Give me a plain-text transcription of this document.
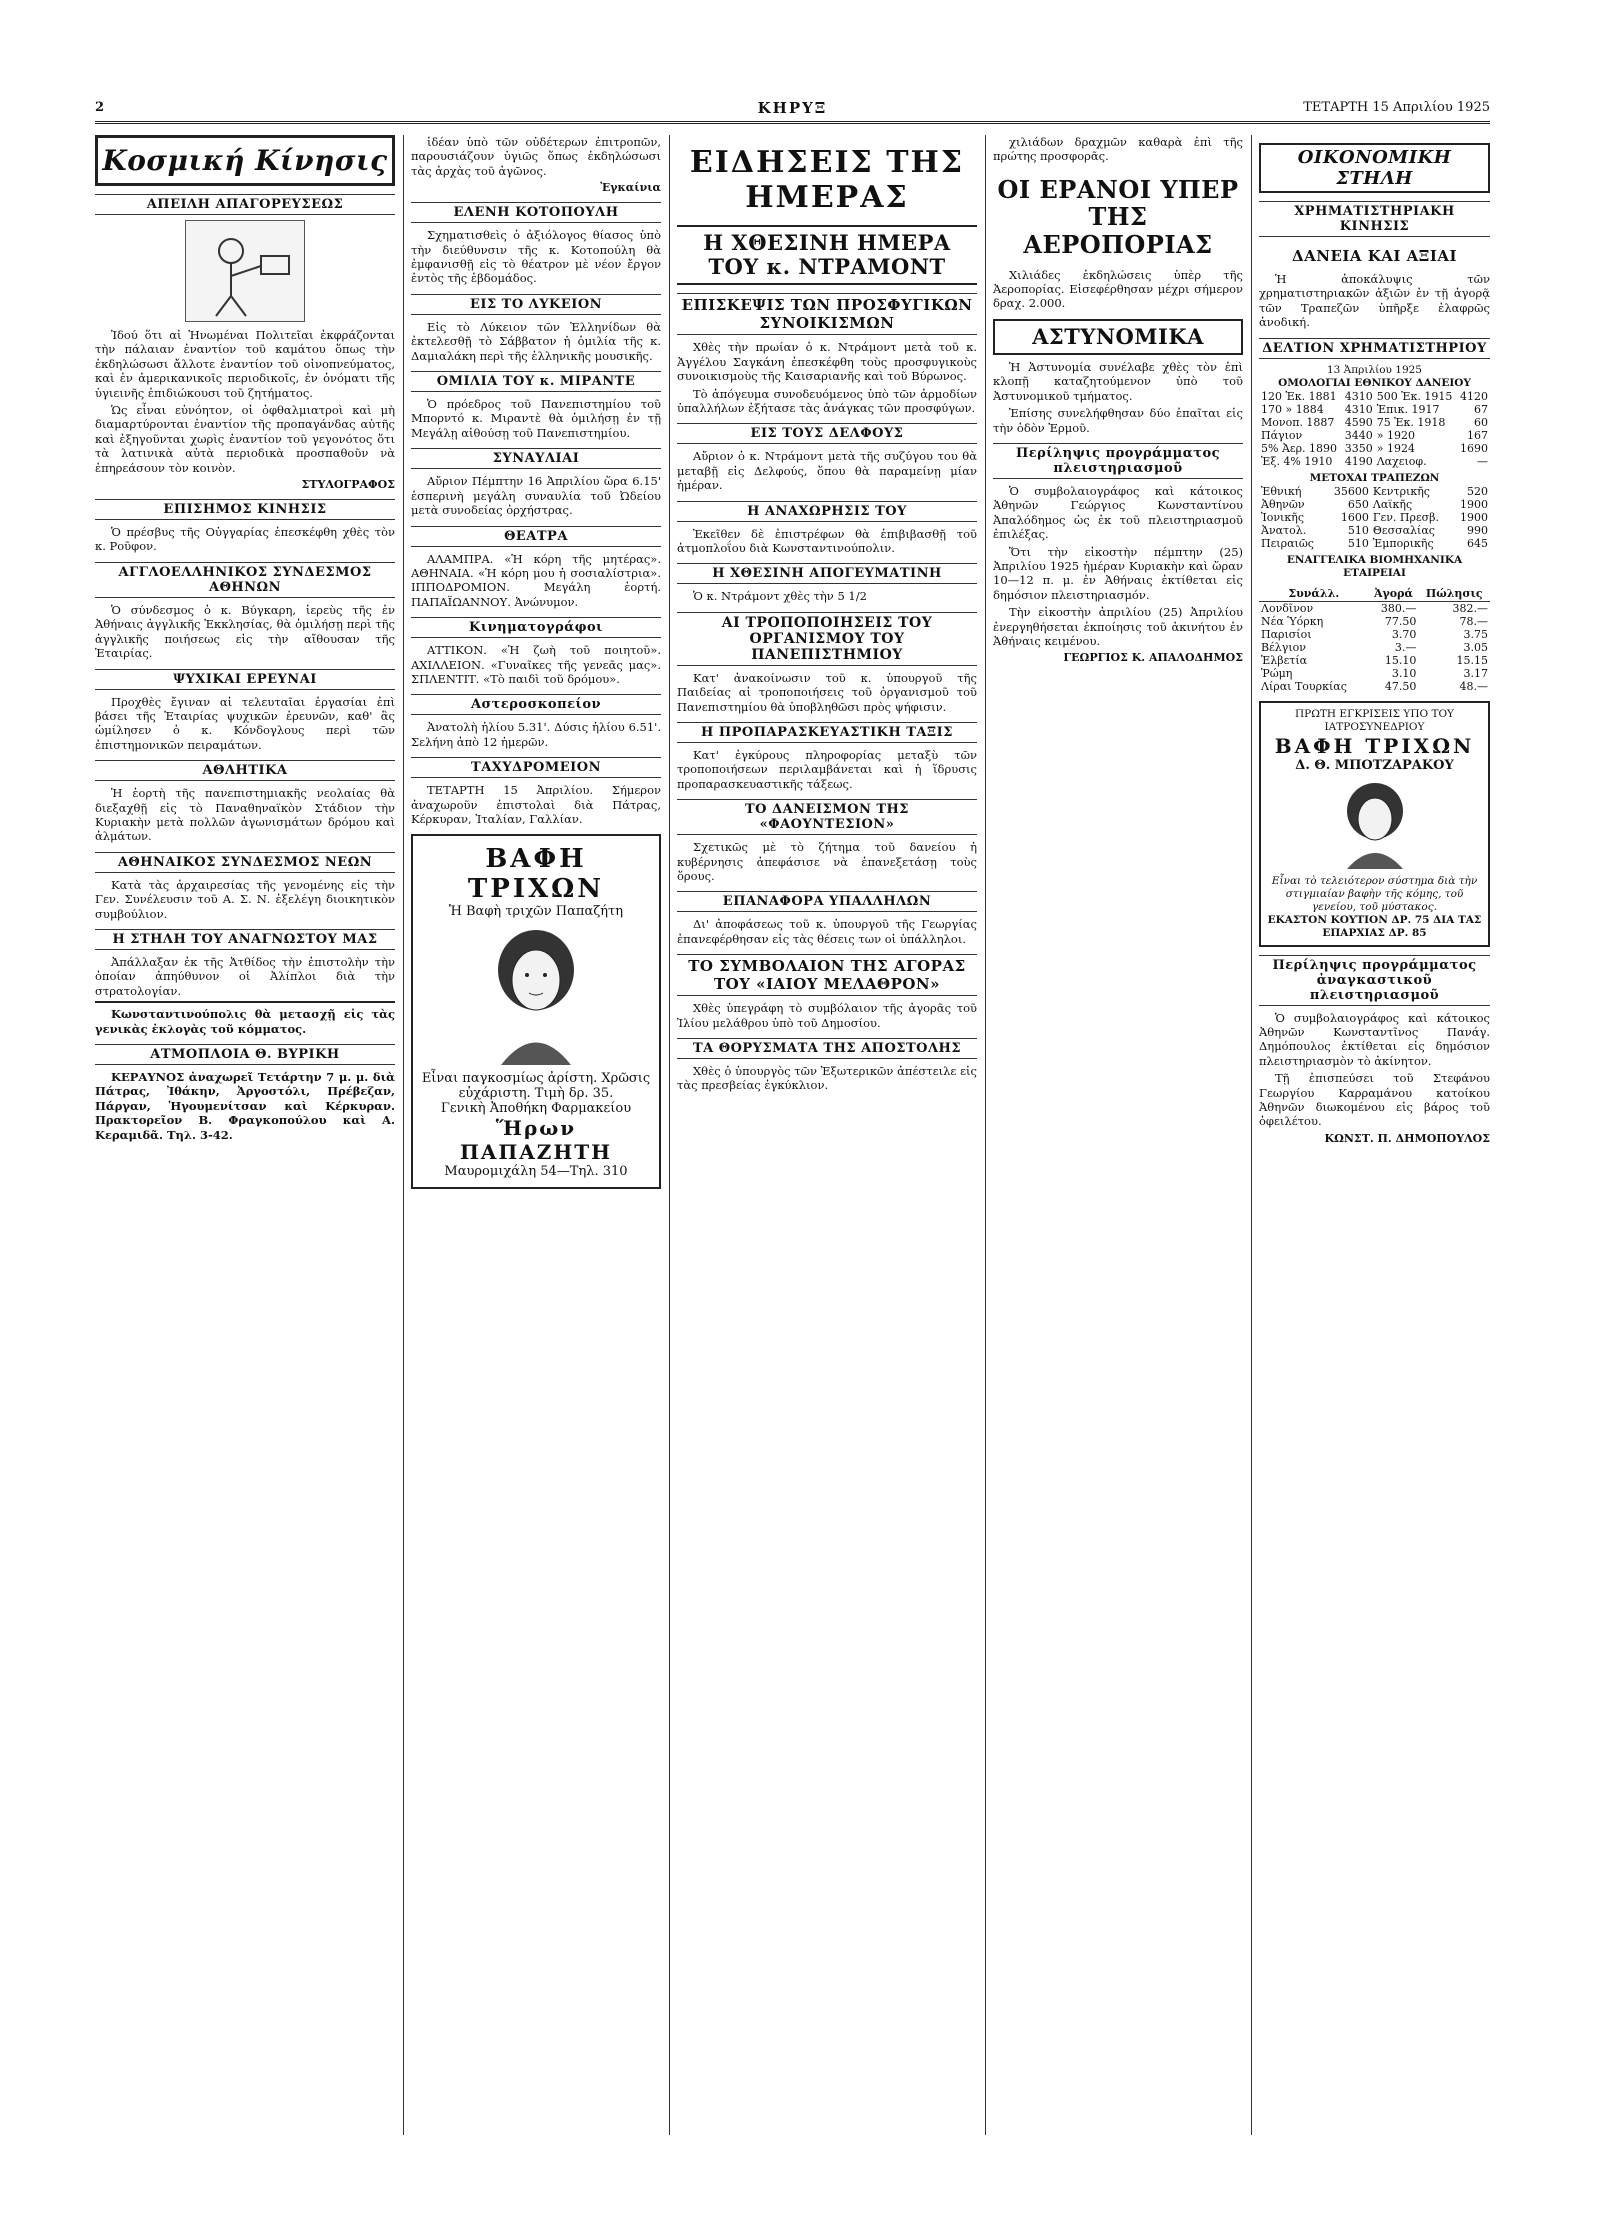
2	ΚΗΡΥΞ	ΤΕΤΑΡΤΗ 15 Απριλίου 1925
Κοσμική Κίνησις
ΑΠΕΙΛΗ ΑΠΑΓΟΡΕΥΣΕΩΣ

Ἰδού ὅτι αἱ Ἡνωμέναι Πολιτεῖαι ἐκφράζονται τὴν πάλαιαν ἐναντίον τοῦ καμάτου ὅπως τὴν ἐκδηλώσωσι ἄλλοτε ἐναντίον τοῦ οἰνοπνεύματος, καὶ ἐν ἀμερικανικοῖς περιοδικοῖς, ἐν ὀνόματι τῆς ὑγιεινῆς ἐπιδιώκουσι τοῦ ζητήματος.

Ὡς εἶναι εὐνόητον, οἱ ὀφθαλμιατροὶ καὶ μὴ διαμαρτύρονται ἐναντίον τῆς προπαγάνδας αὐτῆς καὶ ἐξηγοῦνται χωρὶς ἐναντίον τοῦ γεγονότος ὅτι τὰ λατινικὰ αὐτὰ περιοδικὰ προσπαθοῦν νὰ ἐπηρεάσουν τὸν κοινὸν.

ΣΤΥΛΟΓΡΑΦΟΣ
ΕΠΙΣΗΜΟΣ ΚΙΝΗΣΙΣ

Ὁ πρέσβυς τῆς Οὐγγαρίας ἐπεσκέφθη χθὲς τὸν κ. Ροῦφον.

ΑΓΓΛΟΕΛΛΗΝΙΚΟΣ ΣΥΝΔΕΣΜΟΣ ΑΘΗΝΩΝ

Ὁ σύνδεσμος ὁ κ. Βύγκαρη, ἱερεὺς τῆς ἐν Ἀθήναις ἀγγλικῆς Ἐκκλησίας, θὰ ὁμιλήσῃ περὶ τῆς ἀγγλικῆς ποιήσεως εἰς τὴν αἴθουσαν τῆς Ἑταιρίας.

ΨΥΧΙΚΑΙ ΕΡΕΥΝΑΙ

Προχθὲς ἔγιναν αἱ τελευταῖαι ἐργασίαι ἐπὶ βάσει τῆς Ἑταιρίας ψυχικῶν ἐρευνῶν, καθ' ἃς ὡμίλησεν ὁ κ. Κόνδογλους περὶ τῶν ἐπιστημονικῶν πειραμάτων.

ΑΘΛΗΤΙΚΑ

Ἡ ἑορτὴ τῆς πανεπιστημιακῆς νεολαίας θὰ διεξαχθῇ εἰς τὸ Παναθηναϊκὸν Στάδιον τὴν Κυριακὴν μετὰ πολλῶν ἀγωνισμάτων δρόμου καὶ ἁλμάτων.

ΑΘΗΝΑΙΚΟΣ ΣΥΝΔΕΣΜΟΣ ΝΕΩΝ

Κατὰ τὰς ἀρχαιρεσίας τῆς γενομένης εἰς τὴν Γεν. Συνέλευσιν τοῦ Α. Σ. Ν. ἐξελέγη διοικητικὸν συμβούλιον.

Η ΣΤΗΛΗ ΤΟΥ ΑΝΑΓΝΩΣΤΟΥ ΜΑΣ

Ἀπάλλαξαν ἐκ τῆς Ἀτθίδος τὴν ἐπιστολὴν τὴν ὁποίαν ἀπηύθυνον οἱ Ἀλίπλοι διὰ τὴν στρατολογίαν.

Κωνσταντινούπολις θὰ μετασχῇ εἰς τὰς γενικὰς ἐκλογὰς τοῦ κόμματος.

ΑΤΜΟΠΛΟΙΑ Θ. ΒΥΡΙΚΗ

ΚΕΡΑΥΝΟΣ ἀναχωρεῖ Τετάρτην 7 μ. μ. διὰ Πάτρας, Ἰθάκην, Ἀργοστόλι, Πρέβεζαν, Πάργαν, Ἡγουμενίτσαν καὶ Κέρκυραν. Πρακτορεῖον Β. Φραγκοπούλου καὶ Α. Κεραμιδᾶ. Τηλ. 3-42.

ἰδέαν ὑπὸ τῶν οὐδέτερων ἐπιτροπῶν, παρουσιάζουν ὑγιῶς ὅπως ἐκδηλώσωσι τὰς ἀρχὰς τοῦ ἀγῶνος.

Ἐγκαίνια
ΕΛΕΝΗ ΚΟΤΟΠΟΥΛΗ

Σχηματισθεὶς ὁ ἀξιόλογος θίασος ὑπὸ τὴν διεύθυνσιν τῆς κ. Κοτοπούλη θὰ ἐμφανισθῇ εἰς τὸ θέατρον μὲ νέον ἔργον ἐντὸς τῆς ἑβδομάδος.

ΕΙΣ ΤΟ ΛΥΚΕΙΟΝ

Εἰς τὸ Λύκειον τῶν Ἑλληνίδων θὰ ἐκτελεσθῇ τὸ Σάββατον ἡ ὁμιλία τῆς κ. Δαμιαλάκη περὶ τῆς ἑλληνικῆς μουσικῆς.

ΟΜΙΛΙΑ ΤΟΥ κ. ΜΙΡΑΝΤΕ

Ὁ πρόεδρος τοῦ Πανεπιστημίου τοῦ Μπορντό κ. Μιραντὲ θὰ ὁμιλήσῃ ἐν τῇ Μεγάλῃ αἰθούσῃ τοῦ Πανεπιστημίου.

ΣΥΝΑΥΛΙΑΙ

Αὔριον Πέμπτην 16 Ἀπριλίου ὥρα 6.15' ἑσπερινὴ μεγάλη συναυλία τοῦ Ὠδείου μετὰ συνοδείας ὀρχήστρας.

ΘΕΑΤΡΑ

ΑΛΑΜΠΡΑ. «Ἡ κόρη τῆς μητέρας». ΑΘΗΝΑΙΑ. «Ἡ κόρη μου ἡ σοσιαλίστρια». ΙΠΠΟΔΡΟΜΙΟΝ. Μεγάλη ἑορτή. ΠΑΠΑΪΩΑΝΝΟΥ. Ἀνώνυμον.

Κινηματογράφοι

ΑΤΤΙΚΟΝ. «Ἡ ζωὴ τοῦ ποιητοῦ». ΑΧΙΛΛΕΙΟΝ. «Γυναῖκες τῆς γενεᾶς μας». ΣΠΛΕΝΤΙΤ. «Τὸ παιδὶ τοῦ δρόμου».

Αστεροσκοπείον

Ἀνατολὴ ἡλίου 5.31'. Δύσις ἡλίου 6.51'. Σελήνη ἀπὸ 12 ἡμερῶν.

ΤΑΧΥΔΡΟΜΕΙΟΝ

ΤΕΤΑΡΤΗ 15 Ἀπριλίου. Σήμερον ἀναχωροῦν ἐπιστολαὶ διὰ Πάτρας, Κέρκυραν, Ἰταλίαν, Γαλλίαν.

ΒΑΦΗ ΤΡΙΧΩΝ
Ἡ Βαφὴ τριχῶν Παπαζήτη
Εἶναι παγκοσμίως ἀρίστη. Χρῶσις εὐχάριστη. Τιμὴ δρ. 35.
Γενικὴ Ἀποθήκη Φαρμακείου
Ἥρων ΠΑΠΑΖΗΤΗ
Μαυρομιχάλη 54—Τηλ. 310
ΕΙΔΗΣΕΙΣ ΤΗΣ ΗΜΕΡΑΣ
Η ΧΘΕΣΙΝΗ ΗΜΕΡΑ ΤΟΥ κ. ΝΤΡΑΜΟΝΤ
ΕΠΙΣΚΕΨΙΣ ΤΩΝ ΠΡΟΣΦΥΓΙΚΩΝ ΣΥΝΟΙΚΙΣΜΩΝ

Χθὲς τὴν πρωίαν ὁ κ. Ντράμοντ μετὰ τοῦ κ. Ἀγγέλου Σαγκάνη ἐπεσκέφθη τοὺς προσφυγικοὺς συνοικισμοὺς τῆς Καισαριανῆς καὶ τοῦ Βύρωνος.

Τὸ ἀπόγευμα συνοδευόμενος ὑπὸ τῶν ἀρμοδίων ὑπαλλήλων ἐξήτασε τὰς ἀνάγκας τῶν προσφύγων.

ΕΙΣ ΤΟΥΣ ΔΕΛΦΟΥΣ

Αὔριον ὁ κ. Ντράμοντ μετὰ τῆς συζύγου του θὰ μεταβῇ εἰς Δελφούς, ὅπου θὰ παραμείνῃ μίαν ἡμέραν.

Η ΑΝΑΧΩΡΗΣΙΣ ΤΟΥ

Ἐκεῖθεν δὲ ἐπιστρέφων θὰ ἐπιβιβασθῇ τοῦ ἀτμοπλοΐου διὰ Κωνσταντινούπολιν.

Η ΧΘΕΣΙΝΗ ΑΠΟΓΕΥΜΑΤΙΝΗ

Ὁ κ. Ντράμοντ χθὲς τὴν 5 1/2

ΑΙ ΤΡΟΠΟΠΟΙΗΣΕΙΣ ΤΟΥ ΟΡΓΑΝΙΣΜΟΥ ΤΟΥ ΠΑΝΕΠΙΣΤΗΜΙΟΥ

Κατ' ἀνακοίνωσιν τοῦ κ. ὑπουργοῦ τῆς Παιδείας αἱ τροποποιήσεις τοῦ ὀργανισμοῦ τοῦ Πανεπιστημίου θὰ ὑποβληθῶσι πρὸς ψήφισιν.

Η ΠΡΟΠΑΡΑΣΚΕΥΑΣΤΙΚΗ ΤΑΞΙΣ

Κατ' ἐγκύρους πληροφορίας μεταξὺ τῶν τροποποιήσεων περιλαμβάνεται καὶ ἡ ἵδρυσις προπαρασκευαστικῆς τάξεως.

ΤΟ ΔΑΝΕΙΣΜΟΝ ΤΗΣ «ΦΑΟΥΝΤΕΣΙΟΝ»

Σχετικῶς μὲ τὸ ζήτημα τοῦ δανείου ἡ κυβέρνησις ἀπεφάσισε νὰ ἐπανεξετάσῃ τοὺς ὅρους.

ΕΠΑΝΑΦΟΡΑ ΥΠΑΛΛΗΛΩΝ

Δι' ἀποφάσεως τοῦ κ. ὑπουργοῦ τῆς Γεωργίας ἐπανεφέρθησαν εἰς τὰς θέσεις των οἱ ὑπάλληλοι.

ΤΟ ΣΥΜΒΟΛΑΙΟΝ ΤΗΣ ΑΓΟΡΑΣ ΤΟΥ «ΙΑΙΟΥ ΜΕΛΑΘΡΟΝ»

Χθὲς ὑπεγράφη τὸ συμβόλαιον τῆς ἀγορᾶς τοῦ Ἰλίου μελάθρου ὑπὸ τοῦ Δημοσίου.

ΤΑ ΘΟΡΥΣΜΑΤΑ ΤΗΣ ΑΠΟΣΤΟΛΗΣ

Χθὲς ὁ ὑπουργὸς τῶν Ἐξωτερικῶν ἀπέστειλε εἰς τὰς πρεσβείας ἐγκύκλιον.

χιλιάδων δραχμῶν καθαρὰ ἐπὶ τῆς πρώτης προσφορᾶς.

ΟΙ ΕΡΑΝΟΙ ΥΠΕΡ ΤΗΣ ΑΕΡΟΠΟΡΙΑΣ

Χιλιάδες ἐκδηλώσεις ὑπὲρ τῆς Ἀεροπορίας. Εἰσεφέρθησαν μέχρι σήμερον δραχ. 2.000.

ΑΣΤΥΝΟΜΙΚΑ

Ἡ Ἀστυνομία συνέλαβε χθὲς τὸν ἐπὶ κλοπῇ καταζητούμενον ὑπὸ τοῦ Ἀστυνομικοῦ τμήματος.

Ἐπίσης συνελήφθησαν δύο ἐπαῖται εἰς τὴν ὁδὸν Ἑρμοῦ.

Περίληψις προγράμματος πλειστηριασμοῦ

Ὁ συμβολαιογράφος καὶ κάτοικος Ἀθηνῶν Γεώργιος Κωνσταντίνου Ἀπαλόδημος ὡς ἐκ τοῦ πλειστηριασμοῦ ἐπιλέξας.

Ὅτι τὴν εἰκοστὴν πέμπτην (25) Ἀπριλίου 1925 ἡμέραν Κυριακὴν καὶ ὥραν 10—12 π. μ. ἐν Ἀθήναις ἐκτίθεται εἰς δημόσιον πλειστηριασμόν.

Τὴν εἰκοστὴν ἀπριλίου (25) Ἀπριλίου ἐνεργηθήσεται ἐκποίησις τοῦ ἀκινήτου ἐν Ἀθήναις κειμένου.

ΓΕΩΡΓΙΟΣ Κ. ΑΠΑΛΟΔΗΜΟΣ
ΟΙΚΟΝΟΜΙΚΗ ΣΤΗΛΗ
ΧΡΗΜΑΤΙΣΤΗΡΙΑΚΗ ΚΙΝΗΣΙΣ
ΔΑΝΕΙΑ ΚΑΙ ΑΞΙΑΙ

Ἡ ἀποκάλυψις τῶν χρηματιστηριακῶν ἀξιῶν ἐν τῇ ἀγορᾷ τῶν Τραπεζῶν ὑπῆρξε ἐλαφρῶς ἀνοδική.

ΔΕΛΤΙΟΝ ΧΡΗΜΑΤΙΣΤΗΡΙΟΥ
13 Ἀπριλίου 1925
ΟΜΟΛΟΓΙΑΙ ΕΘΝΙΚΟΥ ΔΑΝΕΙΟΥ
120 Ἑκ. 1881	4310	500 Ἑκ. 1915	4120
170 » 1884	4310	Ἐπικ. 1917	67
Μονοπ. 1887	4590	75 Ἑκ. 1918	60
Πάγιον	3440	» 1920	167
5% Ἀερ. 1890	3350	» 1924	1690
Ἐξ. 4% 1910	4190	Λαχειοφ.	—
ΜΕΤΟΧΑΙ ΤΡΑΠΕΖΩΝ
Ἐθνική	35600	Κεντρικῆς	520
Ἀθηνῶν	650	Λαϊκῆς	1900
Ἰονικῆς	1600	Γεν. Πρεσβ.	1900
Ἀνατολ.	510	Θεσσαλίας	990
Πειραιῶς	510	Ἐμπορικῆς	645
ΕΝΑΓΓΕΛΙΚΑ ΒΙΟΜΗΧΑΝΙΚΑ ΕΤΑΙΡΕΙΑΙ
Συνάλλ.	Ἀγορά	Πώλησις
Λονδῖνον	380.—	382.—
Νέα Ὑόρκη	77.50	78.—
Παρισίοι	3.70	3.75
Βέλγιον	3.—	3.05
Ἑλβετία	15.10	15.15
Ῥώμη	3.10	3.17
Λίραι Τουρκίας	47.50	48.—
ΠΡΩΤΗ ΕΓΚΡΙΣΕΙΣ ΥΠΟ ΤΟΥ ΙΑΤΡΟΣΥΝΕΔΡΙΟΥ
ΒΑΦΗ ΤΡΙΧΩΝ
Δ. Θ. ΜΠΟΤΖΑΡΑΚΟΥ
Εἶναι τὸ τελειότερον σύστημα διὰ τὴν στιγμιαίαν βαφὴν τῆς κόμης, τοῦ γενείου, τοῦ μύστακος.
ΕΚΑΣΤΟΝ ΚΟΥΤΙΟΝ ΔΡ. 75 ΔΙΑ ΤΑΣ ΕΠΑΡΧΙΑΣ ΔΡ. 85
Περίληψις προγράμματος ἀναγκαστικοῦ πλειστηριασμοῦ

Ὁ συμβολαιογράφος καὶ κάτοικος Ἀθηνῶν Κωνσταντῖνος Πανάγ. Δημόπουλος ἐκτίθεται εἰς δημόσιον πλειστηριασμὸν τὸ ἀκίνητον.

Τῇ ἐπισπεύσει τοῦ Στεφάνου Γεωργίου Καρραμάνου κατοίκου Ἀθηνῶν διωκομένου εἰς βάρος τοῦ ὀφειλέτου.

ΚΩΝΣΤ. Π. ΔΗΜΟΠΟΥΛΟΣ
